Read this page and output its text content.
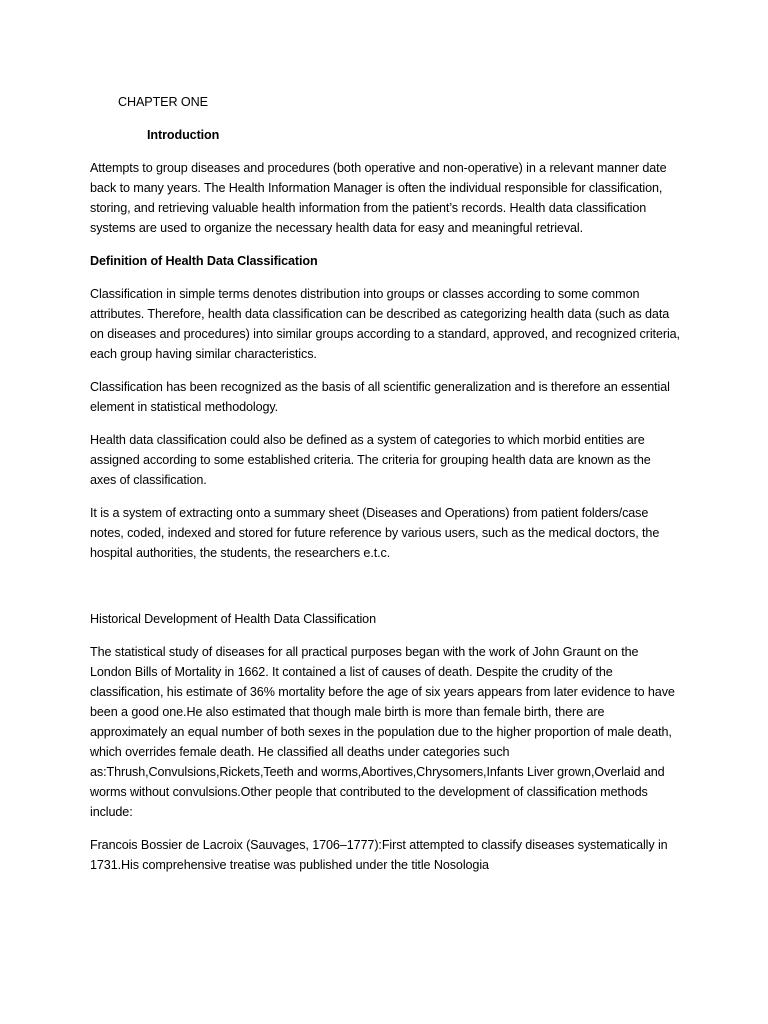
CHAPTER ONE
Introduction

Attempts to group diseases and procedures (both operative and non-operative) in a relevant manner date back to many years. The Health Information Manager is often the individual responsible for classification, storing, and retrieving valuable health information from the patient’s records. Health data classification systems are used to organize the necessary health data for easy and meaningful retrieval.

Definition of Health Data Classification

Classification in simple terms denotes distribution into groups or classes according to some common attributes. Therefore, health data classification can be described as categorizing health data (such as data on diseases and procedures) into similar groups according to a standard, approved, and recognized criteria, each group having similar characteristics.

Classification has been recognized as the basis of all scientific generalization and is therefore an essential element in statistical methodology.

Health data classification could also be defined as a system of categories to which morbid entities are assigned according to some established criteria. The criteria for grouping health data are known as the axes of classification.

It is a system of extracting onto a summary sheet (Diseases and Operations) from patient folders/case notes, coded, indexed and stored for future reference by various users, such as the medical doctors, the hospital authorities, the students, the researchers e.t.c.

Historical Development of Health Data Classification

The statistical study of diseases for all practical purposes began with the work of John Graunt on the London Bills of Mortality in 1662. It contained a list of causes of death. Despite the crudity of the classification, his estimate of 36% mortality before the age of six years appears from later evidence to have been a good one.He also estimated that though male birth is more than female birth, there are approximately an equal number of both sexes in the population due to the higher proportion of male death, which overrides female death. He classified all deaths under categories such as:Thrush,Convulsions,Rickets,Teeth and worms,Abortives,Chrysomers,Infants Liver grown,Overlaid and worms without convulsions.Other people that contributed to the development of classification methods include:

Francois Bossier de Lacroix (Sauvages, 1706–1777):First attempted to classify diseases systematically in 1731.His comprehensive treatise was published under the title Nosologia
